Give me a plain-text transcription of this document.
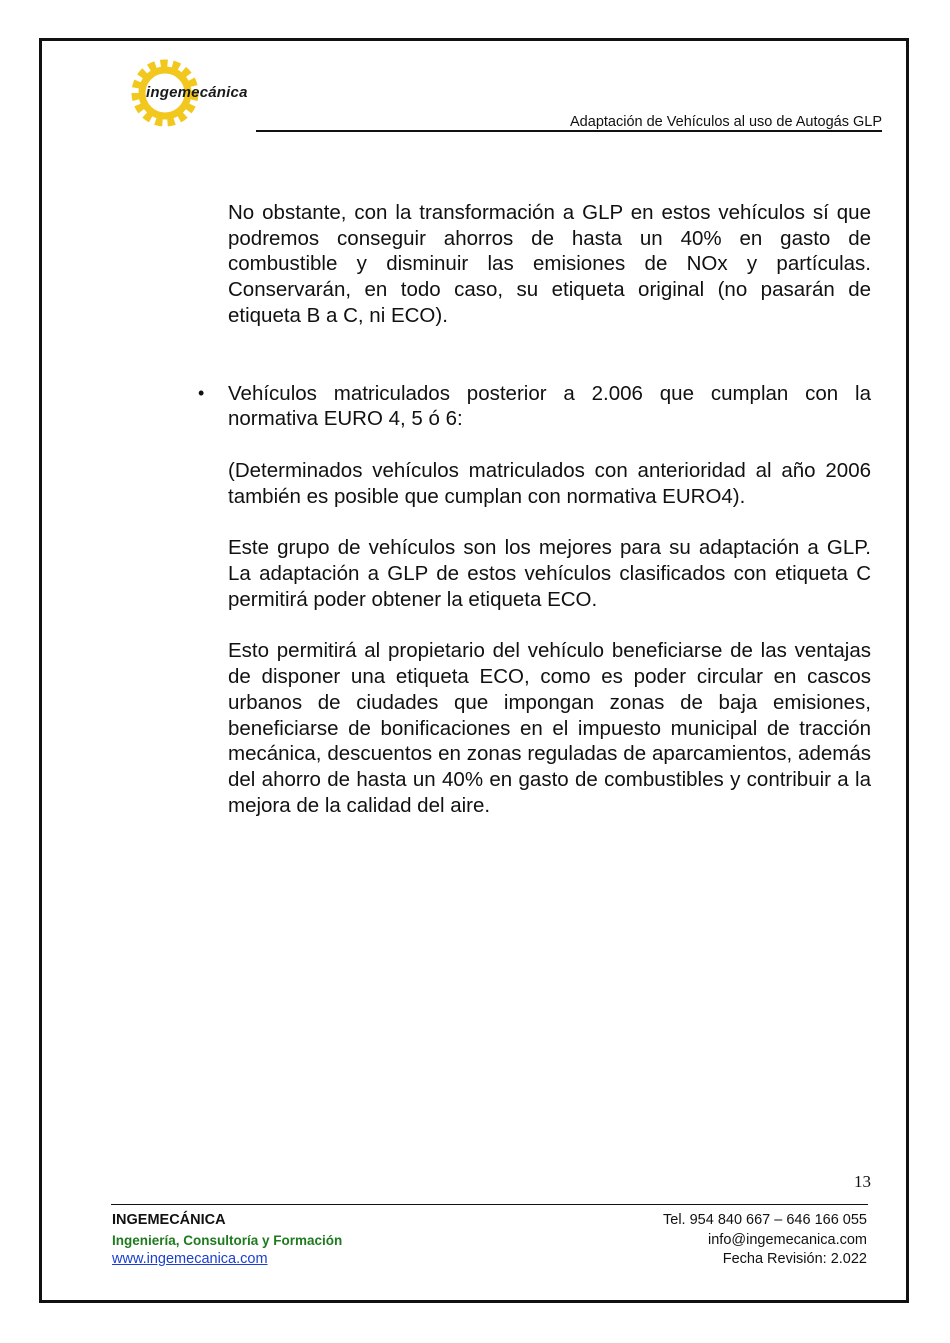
ingemecánica
Adaptación de Vehículos al uso de Autogás GLP

No obstante, con la transformación a GLP en estos vehículos sí que podremos conseguir ahorros de hasta un 40% en gasto de combustible y disminuir las emisiones de NOx y partículas. Conservarán, en todo caso, su etiqueta original (no pasarán de etiqueta B a C, ni ECO).

• Vehículos matriculados posterior a 2.006 que cumplan con la normativa EURO 4, 5 ó 6:

(Determinados vehículos matriculados con anterioridad al año 2006 también es posible que cumplan con normativa EURO4).

Este grupo de vehículos son los mejores para su adaptación a GLP. La adaptación a GLP de estos vehículos clasificados con etiqueta C permitirá poder obtener la etiqueta ECO.

Esto permitirá al propietario del vehículo beneficiarse de las ventajas de disponer una etiqueta ECO, como es poder circular en cascos urbanos de ciudades que impongan zonas de baja emisiones, beneficiarse de bonificaciones en el impuesto municipal de tracción mecánica, descuentos en zonas reguladas de aparcamientos, además del ahorro de hasta un 40% en gasto de combustibles y contribuir a la mejora de la calidad del aire.

13
INGEMECÁNICA
Ingeniería, Consultoría y Formación
www.ingemecanica.com
Tel. 954 840 667 – 646 166 055
info@ingemecanica.com
Fecha Revisión: 2.022
